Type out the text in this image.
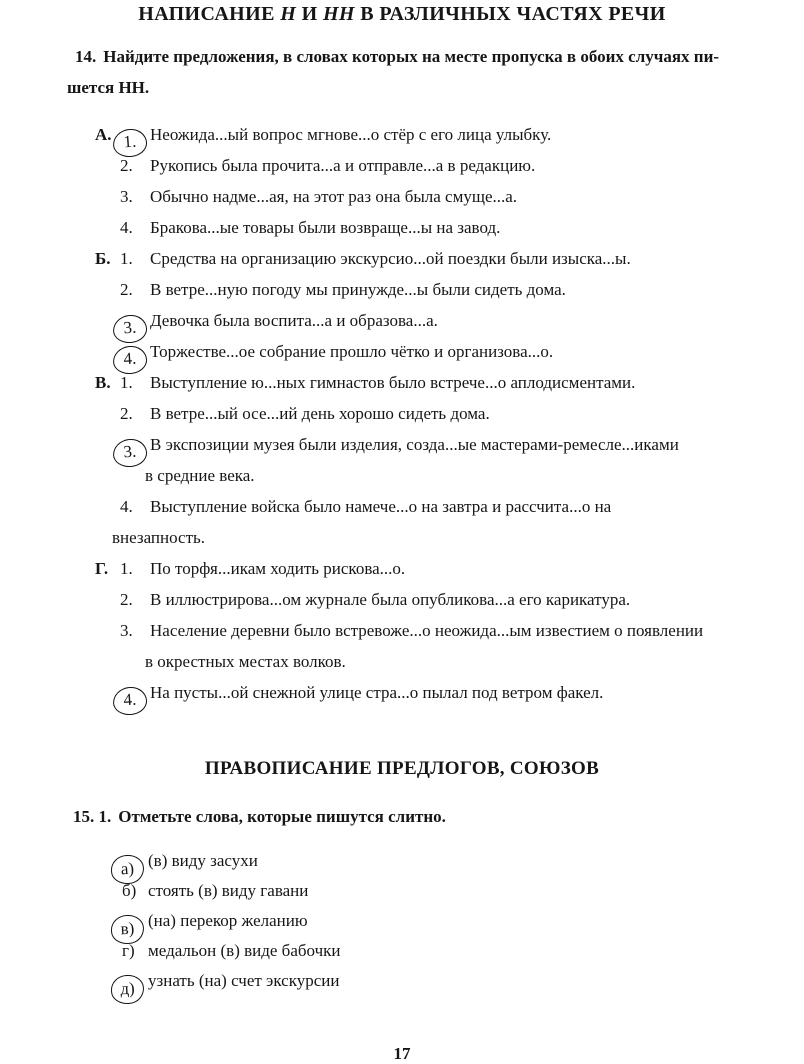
НАПИСАНИЕ Н И НН В РАЗЛИЧНЫХ ЧАСТЯХ РЕЧИ
14. Найдите предложения, в словах которых на месте пропуска в обоих случаях пи-
шется НН.
А. 1. Неожида...ый вопрос мгнове...о стёр с его лица улыбку.
2. Рукопись была прочита...а и отправле...а в редакцию.
3. Обычно надме...ая, на этот раз она была смуще...а.
4. Бракова...ые товары были возвраще...ы на завод.
Б. 1. Средства на организацию экскурсио...ой поездки были изыска...ы.
2. В ветре...ную погоду мы принужде...ы были сидеть дома.
3. Девочка была воспита...а и образова...а.
4. Торжестве...ое собрание прошло чётко и организова...о.
В. 1. Выступление ю...ных гимнастов было встрече...о аплодисментами.
2. В ветре...ый осе...ий день хорошо сидеть дома.
3. В экспозиции музея были изделия, созда...ые мастерами-ремесле...иками
в средние века.
4. Выступление войска было намече...о на завтра и рассчита...о на
внезапность.
Г. 1. По торфя...икам ходить рискова...о.
2. В иллюстрирова...ом журнале была опубликова...а его карикатура.
3. Население деревни было встревоже...о неожида...ым известием о появлении
в окрестных местах волков.
4. На пусты...ой снежной улице стра...о пылал под ветром факел.
ПРАВОПИСАНИЕ ПРЕДЛОГОВ, СОЮЗОВ
15. 1. Отметьте слова, которые пишутся слитно.
а) (в) виду засухи
б) стоять (в) виду гавани
в) (на) перекор желанию
г) медальон (в) виде бабочки
д) узнать (на) счет экскурсии
17
